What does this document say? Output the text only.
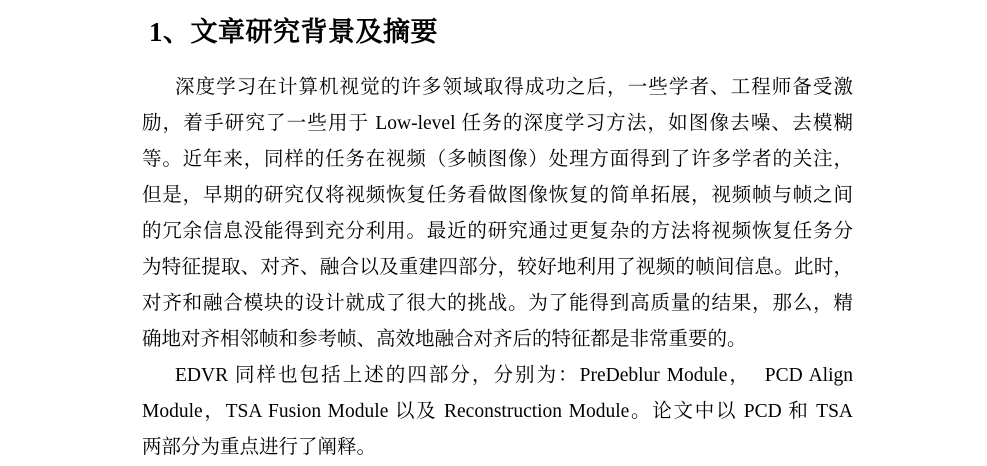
1、文章研究背景及摘要
深度学习在计算机视觉的许多领域取得成功之后，一些学者、工程师备受激
励，着手研究了一些用于 Low-level 任务的深度学习方法，如图像去噪、去模糊
等。近年来，同样的任务在视频（多帧图像）处理方面得到了许多学者的关注，
但是，早期的研究仅将视频恢复任务看做图像恢复的简单拓展，视频帧与帧之间
的冗余信息没能得到充分利用。最近的研究通过更复杂的方法将视频恢复任务分
为特征提取、对齐、融合以及重建四部分，较好地利用了视频的帧间信息。此时，
对齐和融合模块的设计就成了很大的挑战。为了能得到高质量的结果，那么，精
确地对齐相邻帧和参考帧、高效地融合对齐后的特征都是非常重要的。
EDVR 同样也包括上述的四部分，分别为：PreDeblur Module，  PCD Align
Module，TSA Fusion Module 以及 Reconstruction Module。论文中以 PCD 和 TSA
两部分为重点进行了阐释。
